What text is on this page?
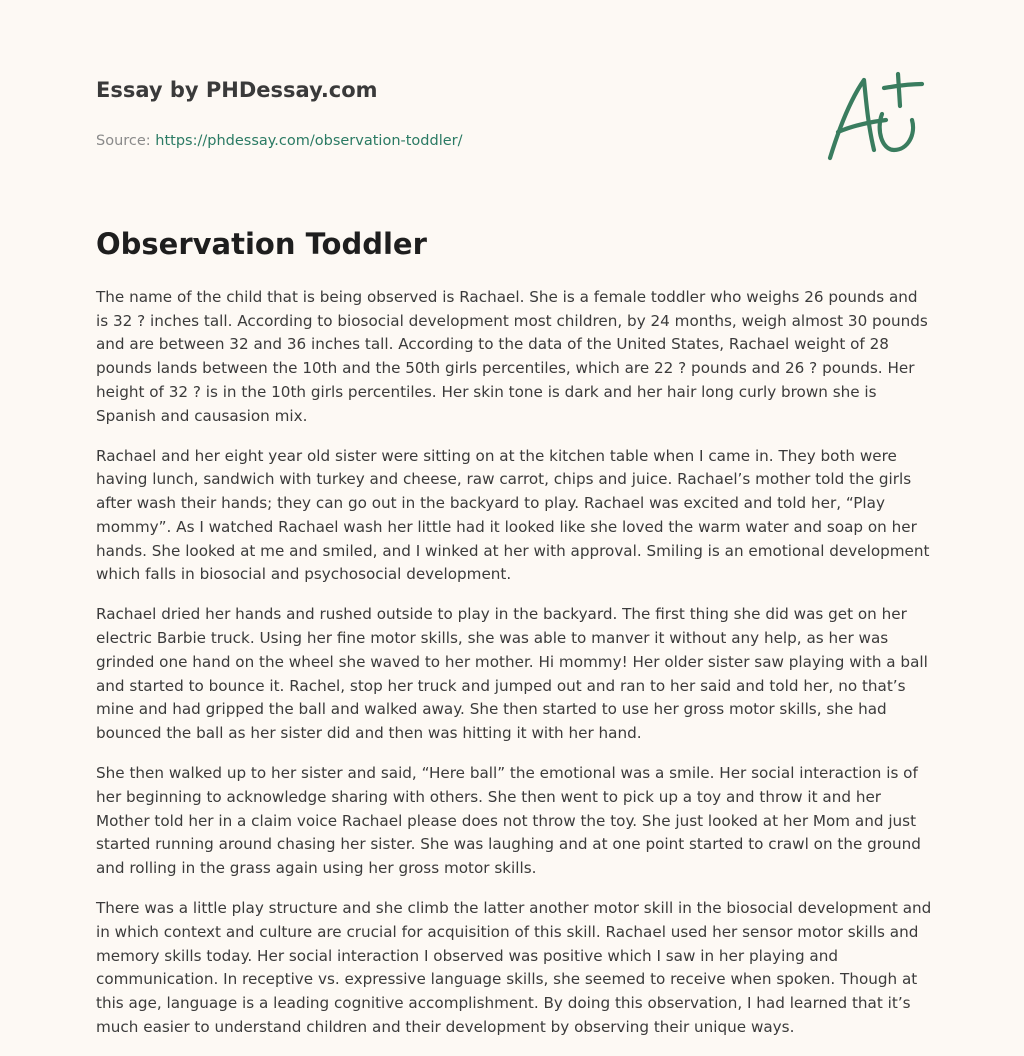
Essay by PHDessay.com
Source: https://phdessay.com/observation-toddler/
Observation Toddler

The name of the child that is being observed is Rachael. She is a female toddler who weighs 26 pounds and is 32 ? inches tall. According to biosocial development most children, by 24 months, weigh almost 30 pounds and are between 32 and 36 inches tall. According to the data of the United States, Rachael weight of 28 pounds lands between the 10th and the 50th girls percentiles, which are 22 ? pounds and 26 ? pounds. Her height of 32 ? is in the 10th girls percentiles. Her skin tone is dark and her hair long curly brown she is Spanish and causasion mix.

Rachael and her eight year old sister were sitting on at the kitchen table when I came in. They both were having lunch, sandwich with turkey and cheese, raw carrot, chips and juice. Rachael’s mother told the girls after wash their hands; they can go out in the backyard to play. Rachael was excited and told her, “Play mommy”. As I watched Rachael wash her little had it looked like she loved the warm water and soap on her hands. She looked at me and smiled, and I winked at her with approval. Smiling is an emotional development which falls in biosocial and psychosocial development.

Rachael dried her hands and rushed outside to play in the backyard. The first thing she did was get on her electric Barbie truck. Using her fine motor skills, she was able to manver it without any help, as her was grinded one hand on the wheel she waved to her mother. Hi mommy! Her older sister saw playing with a ball and started to bounce it. Rachel, stop her truck and jumped out and ran to her said and told her, no that’s mine and had gripped the ball and walked away. She then started to use her gross motor skills, she had bounced the ball as her sister did and then was hitting it with her hand.

She then walked up to her sister and said, “Here ball” the emotional was a smile. Her social interaction is of her beginning to acknowledge sharing with others. She then went to pick up a toy and throw it and her Mother told her in a claim voice Rachael please does not throw the toy. She just looked at her Mom and just started running around chasing her sister. She was laughing and at one point started to crawl on the ground and rolling in the grass again using her gross motor skills.

There was a little play structure and she climb the latter another motor skill in the biosocial development and in which context and culture are crucial for acquisition of this skill. Rachael used her sensor motor skills and memory skills today. Her social interaction I observed was positive which I saw in her playing and communication. In receptive vs. expressive language skills, she seemed to receive when spoken. Though at this age, language is a leading cognitive accomplishment. By doing this observation, I had learned that it’s much easier to understand children and their development by observing their unique ways.
